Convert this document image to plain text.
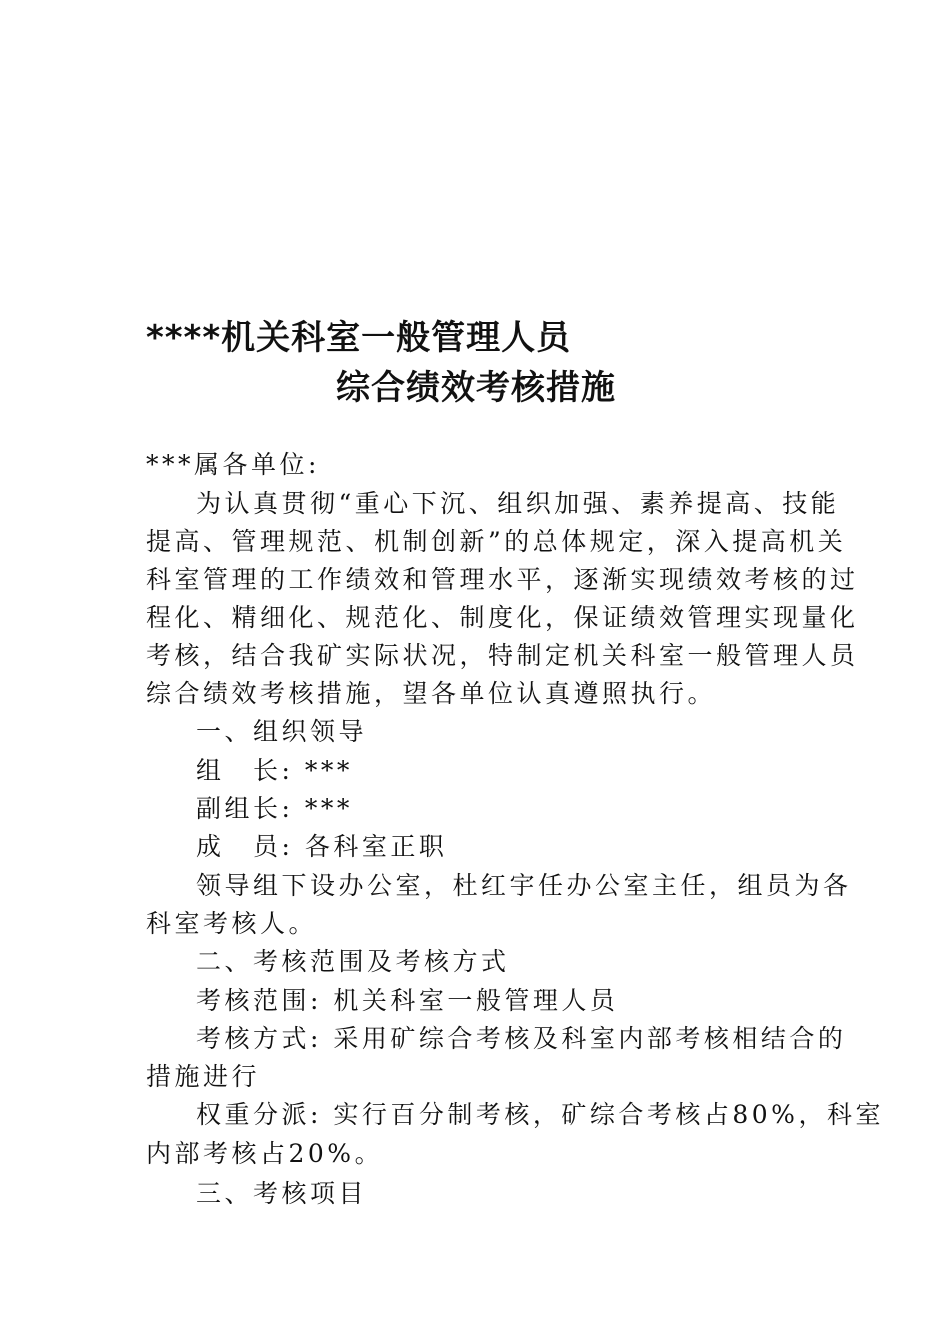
****机关科室一般管理人员
综合绩效考核措施
***属各单位:
为认真贯彻“重心下沉、组织加强、素养提高、技能
提高、管理规范、机制创新”的总体规定，深入提高机关
科室管理的工作绩效和管理水平，逐渐实现绩效考核的过
程化、精细化、规范化、制度化，保证绩效管理实现量化
考核，结合我矿实际状况，特制定机关科室一般管理人员
综合绩效考核措施，望各单位认真遵照执行。
一、组织领导
组　长: ***
副组长: ***
成　员: 各科室正职
领导组下设办公室，杜红宇任办公室主任，组员为各
科室考核人。
二、考核范围及考核方式
考核范围: 机关科室一般管理人员
考核方式: 采用矿综合考核及科室内部考核相结合的
措施进行
权重分派: 实行百分制考核，矿综合考核占80%，科室
内部考核占20%。
三、考核项目
